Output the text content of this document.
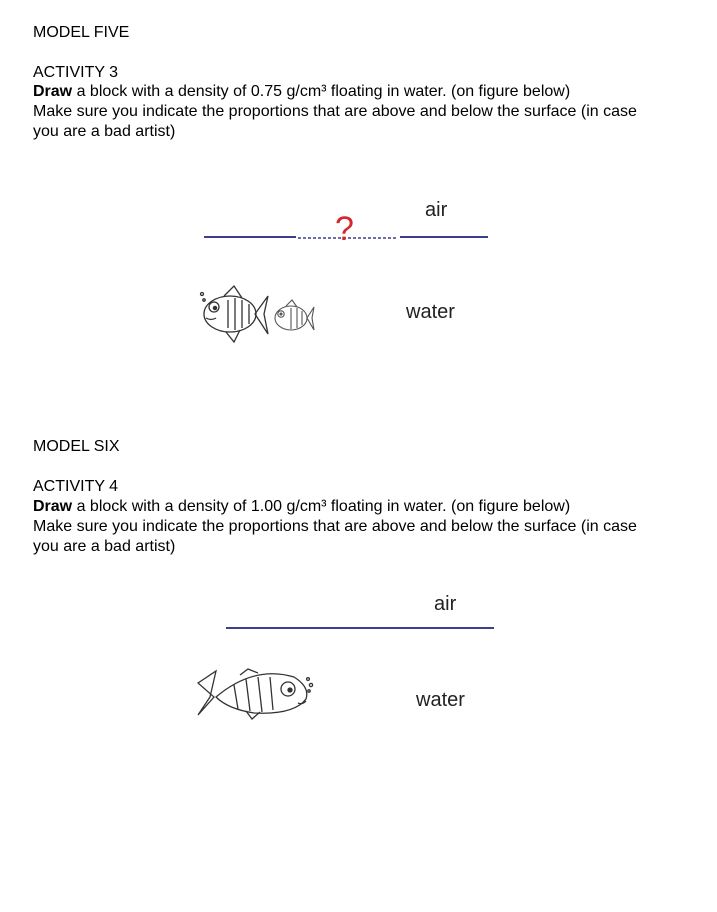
MODEL FIVE
ACTIVITY 3
Draw a block with a density of 0.75 g/cm³ floating in water. (on figure below)
Make sure you indicate the proportions that are above and below the surface (in case
you are a bad artist)
?	air
water
MODEL SIX
ACTIVITY 4
Draw a block with a density of 1.00 g/cm³ floating in water. (on figure below)
Make sure you indicate the proportions that are above and below the surface (in case
you are a bad artist)
air
water
